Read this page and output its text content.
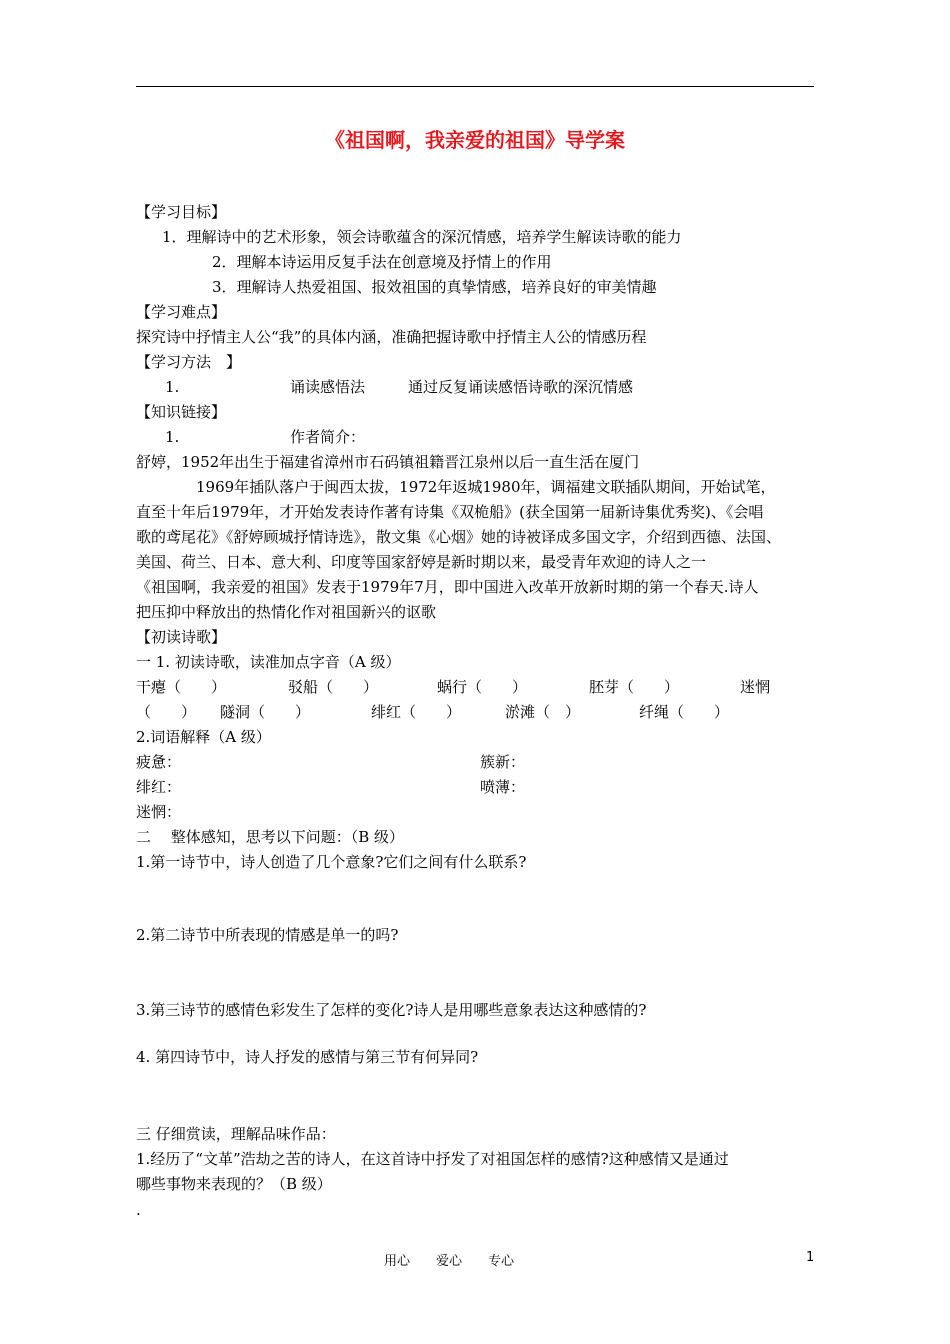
《祖国啊，我亲爱的祖国》导学案
【学习目标】
1．理解诗中的艺术形象，领会诗歌蕴含的深沉情感，培养学生解读诗歌的能力
2．理解本诗运用反复手法在创意境及抒情上的作用
3．理解诗人热爱祖国、报效祖国的真挚情感，培养良好的审美情趣
【学习难点】
探究诗中抒情主人公“我”的具体内涵，准确把握诗歌中抒情主人公的情感历程
【学习方法　】
1.	诵读感悟法	通过反复诵读感悟诗歌的深沉情感
【知识链接】
1.	作者简介：
舒婷，1952年出生于福建省漳州市石码镇祖籍晋江泉州以后一直生活在厦门
1969年插队落户于闽西太拔，1972年返城1980年，调福建文联插队期间，开始试笔，
直至十年后1979年，才开始发表诗作著有诗集《双桅船》(获全国第一届新诗集优秀奖)、《会唱
歌的鸢尾花》《舒婷顾城抒情诗选》，散文集《心烟》她的诗被译成多国文字，介绍到西德、法国、
美国、荷兰、日本、意大利、印度等国家舒婷是新时期以来，最受青年欢迎的诗人之一
《祖国啊，我亲爱的祖国》发表于1979年7月，即中国进入改革开放新时期的第一个春天.诗人
把压抑中释放出的热情化作对祖国新兴的讴歌
【初读诗歌】
一 1. 初读诗歌，读准加点字音（A 级）
干瘪（　　）	驳船（　　）	蜗行（　　）	胚芽（　　）	迷惘
（　　） 隧洞（　　）	绯红（　　）	淤滩（　）	纤绳（　　）
2.词语解释（A 级）
疲惫：	簇新：
绯红：	喷薄：
迷惘：
二　 整体感知，思考以下问题：（B 级）
1.第一诗节中，诗人创造了几个意象?它们之间有什么联系?
2.第二诗节中所表现的情感是单一的吗?
3.第三诗节的感情色彩发生了怎样的变化?诗人是用哪些意象表达这种感情的?
4. 第四诗节中，诗人抒发的感情与第三节有何异同?
三 仔细赏读，理解品味作品：
1.经历了“文革”浩劫之苦的诗人，在这首诗中抒发了对祖国怎样的感情?这种感情又是通过
哪些事物来表现的？（B 级）
.
用心　　爱心　　专心	1
